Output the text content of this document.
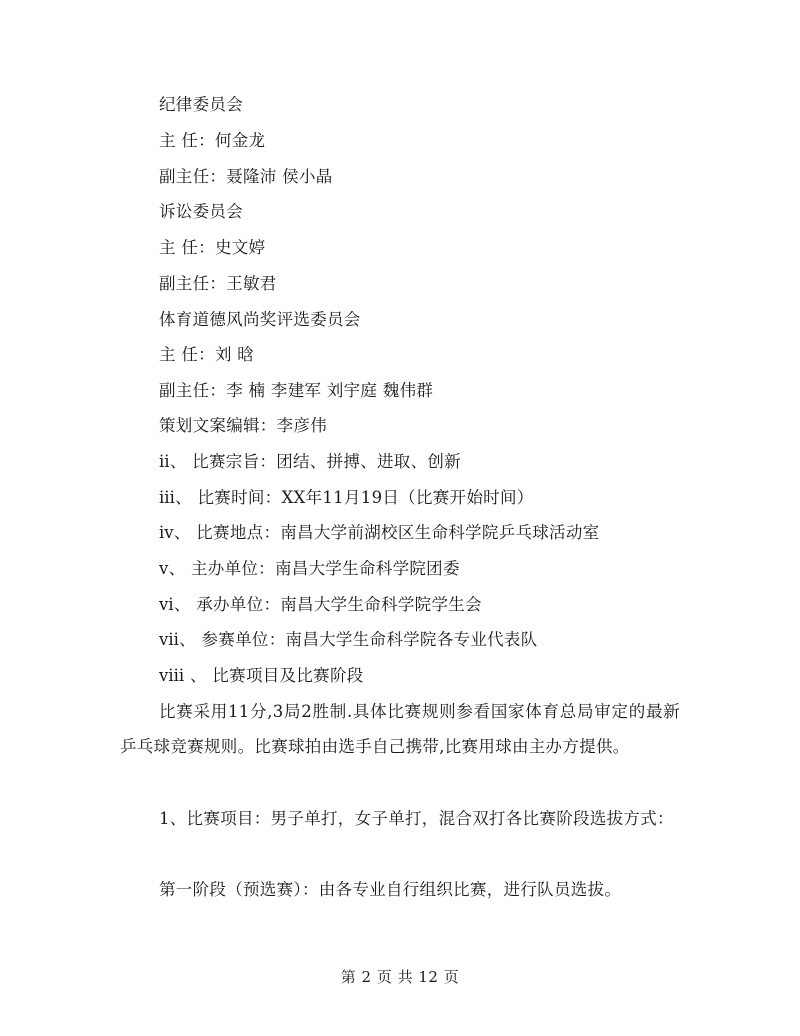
纪律委员会
主 任：何金龙
副主任：聂隆沛 侯小晶
诉讼委员会
主 任：史文婷
副主任：王敏君
体育道德风尚奖评选委员会
主 任：刘 晗
副主任：李 楠 李建军 刘宇庭 魏伟群
策划文案编辑：李彦伟
ⅱ、 比赛宗旨：团结、拼搏、进取、创新
ⅲ、 比赛时间：XX年11月19日（比赛开始时间）
ⅳ、 比赛地点：南昌大学前湖校区生命科学院乒乓球活动室
ⅴ、 主办单位：南昌大学生命科学院团委
ⅵ、 承办单位：南昌大学生命科学院学生会
ⅶ、 参赛单位：南昌大学生命科学院各专业代表队
ⅷ 、 比赛项目及比赛阶段
比赛采用11分,3局2胜制.具体比赛规则参看国家体育总局审定的最新乒乓球竞赛规则。比赛球拍由选手自己携带,比赛用球由主办方提供。
1、比赛项目：男子单打，女子单打，混合双打各比赛阶段选拔方式：
第一阶段（预选赛）：由各专业自行组织比赛，进行队员选拔。
第 2 页 共 12 页
